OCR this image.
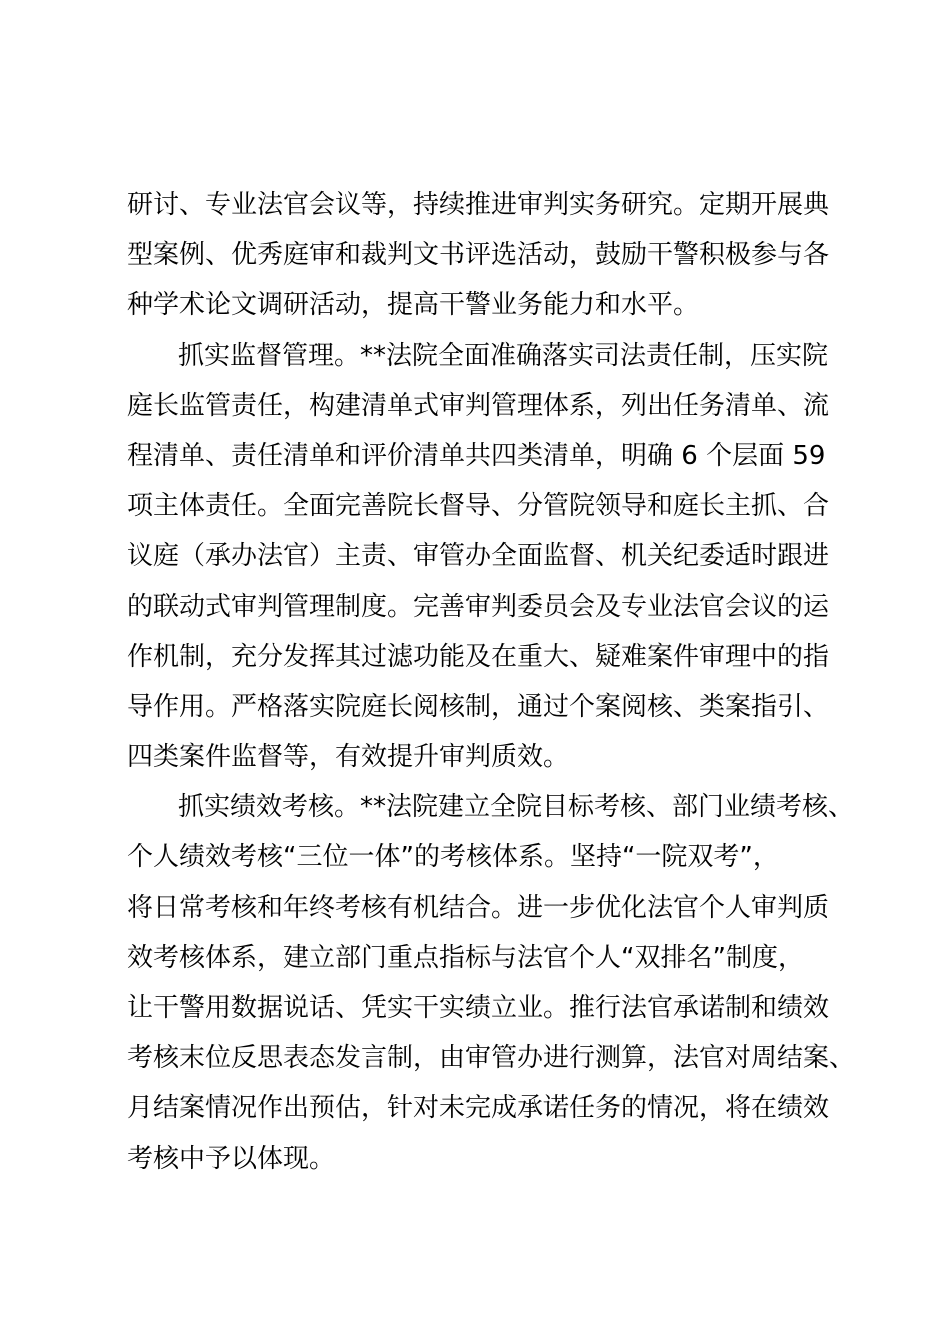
研讨、专业法官会议等，持续推进审判实务研究。定期开展典
型案例、优秀庭审和裁判文书评选活动，鼓励干警积极参与各
种学术论文调研活动，提高干警业务能力和水平。
抓实监督管理。**法院全面准确落实司法责任制，压实院
庭长监管责任，构建清单式审判管理体系，列出任务清单、流
程清单、责任清单和评价清单共四类清单，明确 6 个层面 59
项主体责任。全面完善院长督导、分管院领导和庭长主抓、合
议庭（承办法官）主责、审管办全面监督、机关纪委适时跟进
的联动式审判管理制度。完善审判委员会及专业法官会议的运
作机制，充分发挥其过滤功能及在重大、疑难案件审理中的指
导作用。严格落实院庭长阅核制，通过个案阅核、类案指引、
四类案件监督等，有效提升审判质效。
抓实绩效考核。**法院建立全院目标考核、部门业绩考核、
个人绩效考核“三位一体”的考核体系。坚持“一院双考”，
将日常考核和年终考核有机结合。进一步优化法官个人审判质
效考核体系，建立部门重点指标与法官个人“双排名”制度，
让干警用数据说话、凭实干实绩立业。推行法官承诺制和绩效
考核末位反思表态发言制，由审管办进行测算，法官对周结案、
月结案情况作出预估，针对未完成承诺任务的情况，将在绩效
考核中予以体现。
